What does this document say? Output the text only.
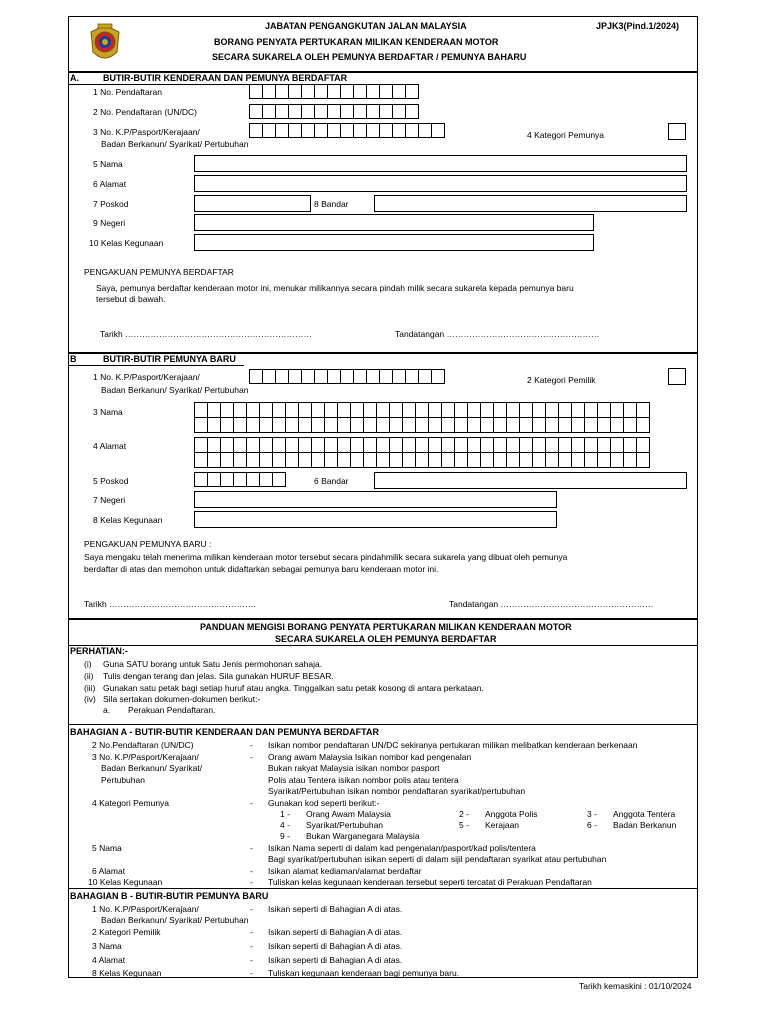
JABATAN PENGANGKUTAN JALAN MALAYSIA	JPJK3(Pind.1/2024)
BORANG PENYATA PERTUKARAN MILIKAN KENDERAAN MOTOR
SECARA SUKARELA OLEH PEMUNYA BERDAFTAR / PEMUNYA BAHARU
A.	BUTIR-BUTIR KENDERAAN DAN PEMUNYA BERDAFTAR
1 No. Pendaftaran
2 No. Pendaftaran (UN/DC)
3 No. K.P/Pasport/Kerajaan/
Badan Berkanun/ Syarikat/ Pertubuhan
4 Kategori Pemunya
5 Nama
6 Alamat
7 Poskod	8 Bandar
9 Negeri
10 Kelas Kegunaan
PENGAKUAN PEMUNYA BERDAFTAR
Saya, pemunya berdaftar kenderaan motor ini, menukar milikannya secara pindah milik secara sukarela kepada pemunya baru
tersebut di bawah.
Tarikh …………………………………………………………	Tandatangan ………………………………………………
B	BUTIR-BUTIR PEMUNYA BARU
1 No. K.P/Pasport/Kerajaan/
Badan Berkanun/ Syarikat/ Pertubuhan
2 Kategori Pemilik
3 Nama
4 Alamat
5 Poskod	6 Bandar
7 Negeri
8 Kelas Kegunaan
PENGAKUAN PEMUNYA BARU :
Saya mengaku telah menerima milikan kenderaan motor tersebut secara pindahmilik secara sukarela yang dibuat oleh pemunya
berdaftar di atas dan memohon untuk didaftarkan sebagai pemunya baru kenderaan motor ini.
Tarikh …………………………………………….	Tandatangan ………………………………………………
PANDUAN MENGISI BORANG PENYATA PERTUKARAN MILIKAN KENDERAAN MOTOR
SECARA SUKARELA OLEH PEMUNYA BERDAFTAR
PERHATIAN:-
(i) Guna SATU borang untuk Satu Jenis permohonan sahaja.
(ii) Tulis dengan terang dan jelas. Sila gunakan HURUF BESAR.
(iii) Gunakan satu petak bagi setiap huruf atau angka. Tinggalkan satu petak kosong di antara perkataan.
(iv) Sila sertakan dokumen-dokumen berikut:-
a. Perakuan Pendaftaran.
BAHAGIAN A - BUTIR-BUTIR KENDERAAN DAN PEMUNYA BERDAFTAR
2 No.Pendaftaran (UN/DC)	- Isikan nombor pendaftaran UN/DC sekiranya pertukaran milikan melibatkan kenderaan berkenaan
3 No. K.P/Pasport/Kerajaan/
Badan Berkanun/ Syarikat/
Pertubuhan
- Orang awam Malaysia Isikan nombor kad pengenalan
Bukan rakyat Malaysia isikan nombor pasport
Polis atau Tentera isikan nombor polis atau tentera
Syarikat/Pertubuhan isikan nombor pendaftaran syarikat/pertubuhan
4 Kategori Pemunya	- Gunakan kod seperti berikut:-
1 - Orang Awam Malaysia	2 - Anggota Polis	3 - Anggota Tentera
4 - Syarikat/Pertubuhan	5 - Kerajaan	6 - Badan Berkanun
9 - Bukan Warganegara Malaysia
5 Nama	- Isikan Nama seperti di dalam kad pengenalan/pasport/kad polis/tentera
Bagi syarikat/pertubuhan isikan seperti di dalam sijil pendaftaran syarikat atau pertubuhan
6 Alamat	- Isikan alamat kediaman/alamat berdaftar
10 Kelas Kegunaan	- Tuliskan kelas kegunaan kenderaan tersebut seperti tercatat di Perakuan Pendaftaran
BAHAGIAN B - BUTIR-BUTIR PEMUNYA BARU
1 No. K.P/Pasport/Kerajaan/
Badan Berkanun/ Syarikat/ Pertubuhan
- Isikan seperti di Bahagian A di atas.
2 Kategori Pemilik	- Isikan seperti di Bahagian A di atas.
3 Nama	- Isikan seperti di Bahagian A di atas.
4 Alamat	- Isikan seperti di Bahagian A di atas.
8 Kelas Kegunaan	- Tuliskan kegunaan kenderaan bagi pemunya baru.
Tarikh kemaskini : 01/10/2024
